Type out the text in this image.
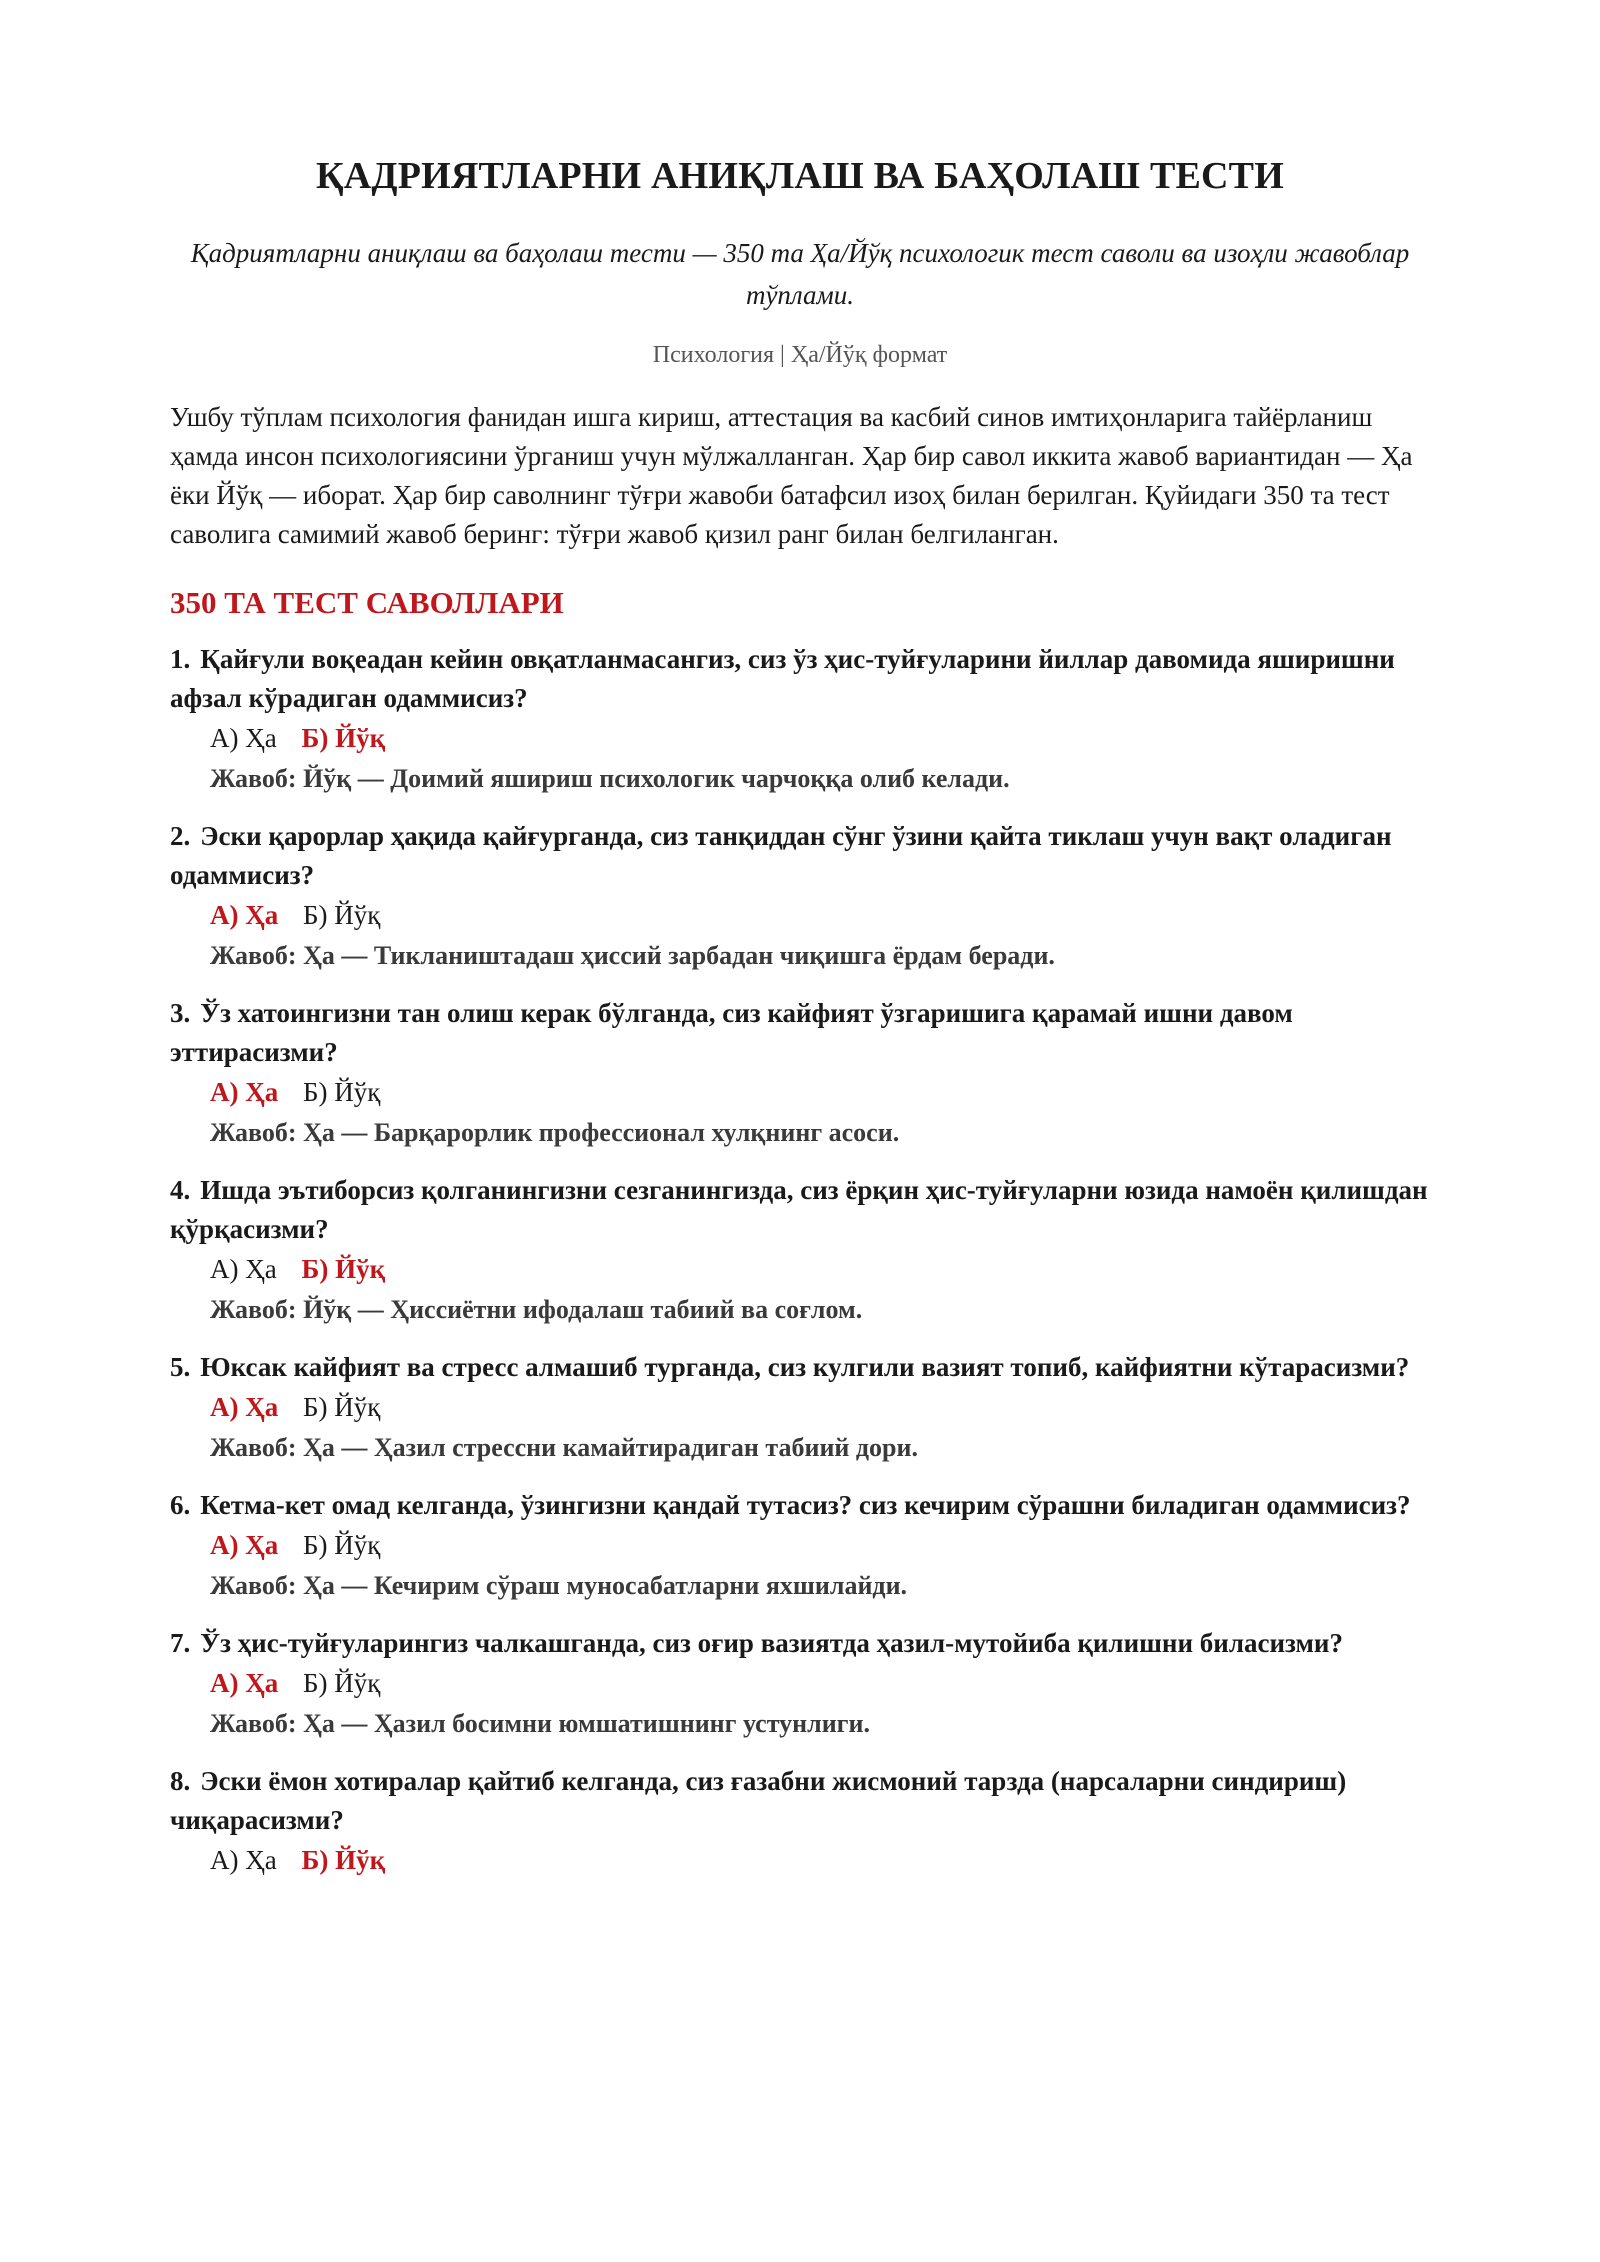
ҚАДРИЯТЛАРНИ АНИҚЛАШ ВА БАҲОЛАШ ТЕСТИ
Қадриятларни аниқлаш ва баҳолаш тести — 350 та Ҳа/Йўқ психологик тест саволи ва изоҳли жавоблар тўплами.
Психология | Ҳа/Йўқ формат

Ушбу тўплам психология фанидан ишга кириш, аттестация ва касбий синов имтиҳонларига тайёрланиш ҳамда инсон психологиясини ўрганиш учун мўлжалланган. Ҳар бир савол иккита жавоб вариантидан — Ҳа ёки Йўқ — иборат. Ҳар бир саволнинг тўғри жавоби батафсил изоҳ билан берилган. Қуйидаги 350 та тест саволига самимий жавоб беринг: тўғри жавоб қизил ранг билан белгиланган.

350 ТА ТЕСТ САВОЛЛАРИ
1. Қайғули воқеадан кейин овқатланмасангиз, сиз ўз ҳис-туйғуларини йиллар давомида яширишни афзал кўрадиган одаммисиз?
А) Ҳа Б) Йўқ
Жавоб: Йўқ — Доимий яшириш психологик чарчоққа олиб келади.
2. Эски қарорлар ҳақида қайғурганда, сиз танқиддан сўнг ўзини қайта тиклаш учун вақт оладиган одаммисиз?
А) Ҳа Б) Йўқ
Жавоб: Ҳа — Тиклаништадаш ҳиссий зарбадан чиқишга ёрдам беради.
3. Ўз хатоингизни тан олиш керак бўлганда, сиз кайфият ўзгаришига қарамай ишни давом эттирасизми?
А) Ҳа Б) Йўқ
Жавоб: Ҳа — Барқарорлик профессионал хулқнинг асоси.
4. Ишда эътиборсиз қолганингизни сезганингизда, сиз ёрқин ҳис-туйғуларни юзида намоён қилишдан қўрқасизми?
А) Ҳа Б) Йўқ
Жавоб: Йўқ — Ҳиссиётни ифодалаш табиий ва соғлом.
5. Юксак кайфият ва стресс алмашиб турганда, сиз кулгили вазият топиб, кайфиятни кўтарасизми?
А) Ҳа Б) Йўқ
Жавоб: Ҳа — Ҳазил стрессни камайтирадиган табиий дори.
6. Кетма-кет омад келганда, ўзингизни қандай тутасиз? сиз кечирим сўрашни биладиган одаммисиз?
А) Ҳа Б) Йўқ
Жавоб: Ҳа — Кечирим сўраш муносабатларни яхшилайди.
7. Ўз ҳис-туйғуларингиз чалкашганда, сиз оғир вазиятда ҳазил-мутойиба қилишни биласизми?
А) Ҳа Б) Йўқ
Жавоб: Ҳа — Ҳазил босимни юмшатишнинг устунлиги.
8. Эски ёмон хотиралар қайтиб келганда, сиз ғазабни жисмоний тарзда (нарсаларни синдириш) чиқарасизми?
А) Ҳа Б) Йўқ
